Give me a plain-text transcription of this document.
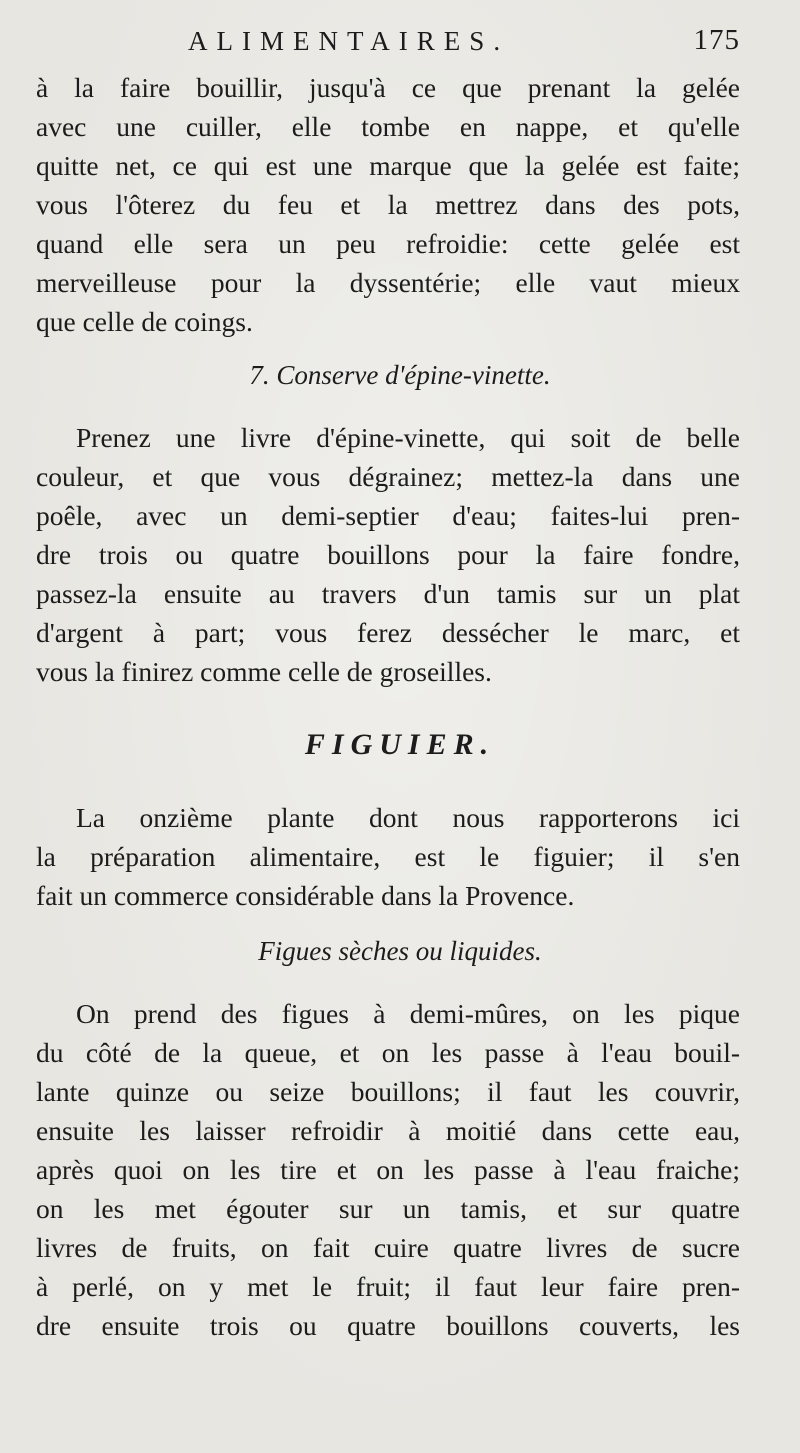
ALIMENTAIRES.	175
à la faire bouillir, jusqu'à ce que prenant la gelée
avec une cuiller, elle tombe en nappe, et qu'elle
quitte net, ce qui est une marque que la gelée est faite;
vous l'ôterez du feu et la mettrez dans des pots,
quand elle sera un peu refroidie: cette gelée est
merveilleuse pour la dyssentérie; elle vaut mieux
que celle de coings.
7. Conserve d'épine-vinette.
Prenez une livre d'épine-vinette, qui soit de belle
couleur, et que vous dégrainez; mettez-la dans une
poêle, avec un demi-septier d'eau; faites-lui pren-
dre trois ou quatre bouillons pour la faire fondre,
passez-la ensuite au travers d'un tamis sur un plat
d'argent à part; vous ferez dessécher le marc, et
vous la finirez comme celle de groseilles.
FIGUIER.
La onzième plante dont nous rapporterons ici
la préparation alimentaire, est le figuier; il s'en
fait un commerce considérable dans la Provence.
Figues sèches ou liquides.
On prend des figues à demi-mûres, on les pique
du côté de la queue, et on les passe à l'eau bouil-
lante quinze ou seize bouillons; il faut les couvrir,
ensuite les laisser refroidir à moitié dans cette eau,
après quoi on les tire et on les passe à l'eau fraiche;
on les met égouter sur un tamis, et sur quatre
livres de fruits, on fait cuire quatre livres de sucre
à perlé, on y met le fruit; il faut leur faire pren-
dre ensuite trois ou quatre bouillons couverts, les
